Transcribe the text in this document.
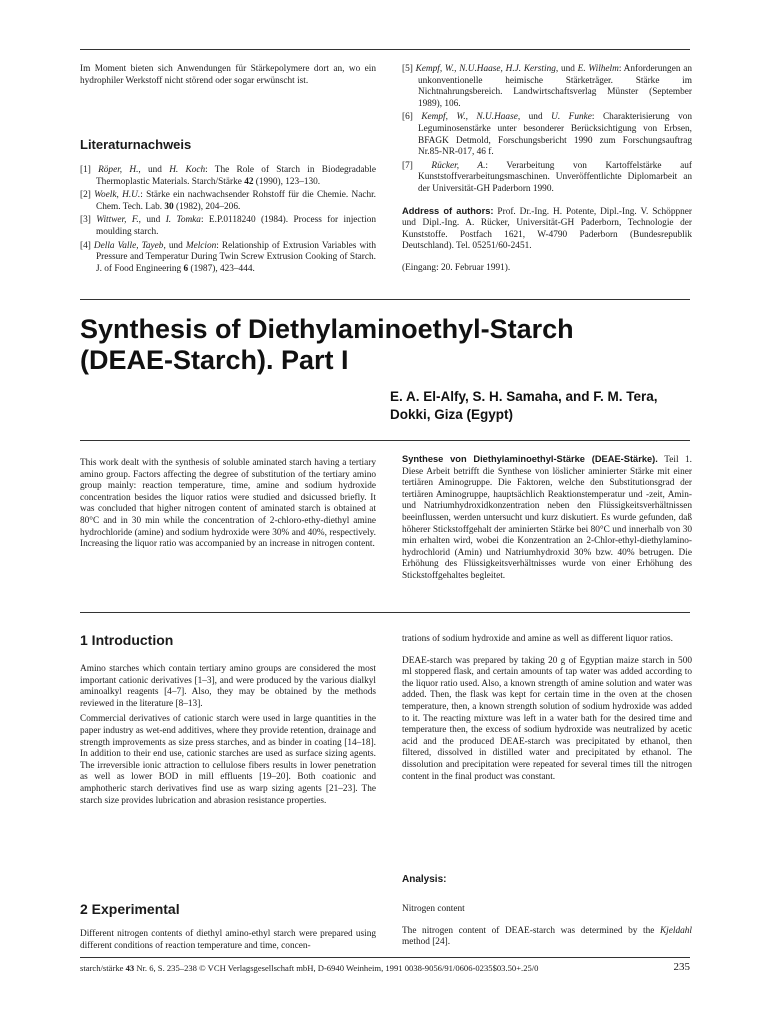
Im Moment bieten sich Anwendungen für Stärkepolymere dort an, wo ein hydrophiler Werkstoff nicht störend oder sogar erwünscht ist.

Literaturnachweis
[1] Röper, H., und H. Koch: The Role of Starch in Biodegradable Thermoplastic Materials. Starch/Stärke 42 (1990), 123–130.
[2] Woelk, H.U.: Stärke ein nachwachsender Rohstoff für die Chemie. Nachr. Chem. Tech. Lab. 30 (1982), 204–206.
[3] Wittwer, F., und I. Tomka: E.P.0118240 (1984). Process for injection moulding starch.
[4] Della Valle, Tayeb, und Melcion: Relationship of Extrusion Variables with Pressure and Temperatur During Twin Screw Extrusion Cooking of Starch. J. of Food Engineering 6 (1987), 423–444.
[5] Kempf, W., N.U.Haase, H.J. Kersting, und E. Wilhelm: Anforderungen an unkonventionelle heimische Stärketräger. Stärke im Nichtnahrungsbereich. Landwirtschaftsverlag Münster (September 1989), 106.
[6] Kempf, W., N.U.Haase, und U. Funke: Charakterisierung von Leguminosenstärke unter besonderer Berücksichtigung von Erbsen, BFAGK Detmold, Forschungsbericht 1990 zum Forschungsauftrag Nr.85-NR-017, 46 f.
[7] Rücker, A.: Verarbeitung von Kartoffelstärke auf Kunststoffverarbeitungsmaschinen. Unveröffentlichte Diplomarbeit an der Universität-GH Paderborn 1990.

Address of authors: Prof. Dr.-Ing. H. Potente, Dipl.-Ing. V. Schöppner und Dipl.-Ing. A. Rücker, Universität-GH Paderborn, Technologie der Kunststoffe. Postfach 1621, W-4790 Paderborn (Bundesrepublik Deutschland). Tel. 05251/60-2451.

(Eingang: 20. Februar 1991).

Synthesis of Diethylaminoethyl-Starch
(DEAE-Starch). Part I
E. A. El-Alfy, S. H. Samaha, and F. M. Tera,
Dokki, Giza (Egypt)

This work dealt with the synthesis of soluble aminated starch having a tertiary amino group. Factors affecting the degree of substitution of the tertiary amino group mainly: reaction temperature, time, amine and sodium hydroxide concentration besides the liquor ratios were studied and dsicussed briefly. It was concluded that higher nitrogen content of aminated starch is obtained at 80°C and in 30 min while the concentration of 2-chloro-ethy-diethyl amine hydrochloride (amine) and sodium hydroxide were 30% and 40%, respectively. Increasing the liquor ratio was accompanied by an increase in nitrogen content.

Synthese von Diethylaminoethyl-Stärke (DEAE-Stärke). Teil 1. Diese Arbeit betrifft die Synthese von löslicher aminierter Stärke mit einer tertiären Aminogruppe. Die Faktoren, welche den Substitutionsgrad der tertiären Aminogruppe, hauptsächlich Reaktionstemperatur und -zeit, Amin- und Natriumhydroxidkonzentration neben den Flüssigkeitsverhältnissen beeinflussen, werden untersucht und kurz diskutiert. Es wurde gefunden, daß höherer Stickstoffgehalt der aminierten Stärke bei 80°C und innerhalb von 30 min erhalten wird, wobei die Konzentration an 2-Chlor-ethyl-diethylamino-hydrochlorid (Amin) und Natriumhydroxid 30% bzw. 40% betrugen. Die Erhöhung des Flüssigkeitsverhältnisses wurde von einer Erhöhung des Stickstoffgehaltes begleitet.

1 Introduction

Amino starches which contain tertiary amino groups are considered the most important cationic derivatives [1–3], and were produced by the various dialkyl aminoalkyl reagents [4–7]. Also, they may be obtained by the methods reviewed in the literature [8–13].

Commercial derivatives of cationic starch were used in large quantities in the paper industry as wet-end additives, where they provide retention, drainage and strength improvements as size press starches, and as binder in coating [14–18]. In addition to their end use, cationic starches are used as surface sizing agents. The irreversible ionic attraction to cellulose fibers results in lower penetration as well as lower BOD in mill effluents [19–20]. Both coationic and amphotheric starch derivatives find use as warp sizing agents [21–23]. The starch size provides lubrication and abrasion resistance properties.

2 Experimental

Different nitrogen contents of diethyl amino-ethyl starch were prepared using different conditions of reaction temperature and time, concen-

trations of sodium hydroxide and amine as well as different liquor ratios.

DEAE-starch was prepared by taking 20 g of Egyptian maize starch in 500 ml stoppered flask, and certain amounts of tap water was added according to the liquor ratio used. Also, a known strength of amine solution and water was added. Then, the flask was kept for certain time in the oven at the chosen temperature, then, a known strength solution of sodium hydroxide was added to it. The reacting mixture was left in a water bath for the desired time and temperature then, the excess of sodium hydroxide was neutralized by acetic acid and the produced DEAE-starch was precipitated by ethanol, then filtered, dissolved in distilled water and precipitated by ethanol. The dissolution and precipitation were repeated for several times till the nitrogen content in the final product was constant.

Analysis:

Nitrogen content

The nitrogen content of DEAE-starch was determined by the Kjeldahl method [24].

starch/stärke 43 Nr. 6, S. 235–238 © VCH Verlagsgesellschaft mbH, D-6940 Weinheim, 1991 0038-9056/91/0606-0235$03.50+.25/0	235
